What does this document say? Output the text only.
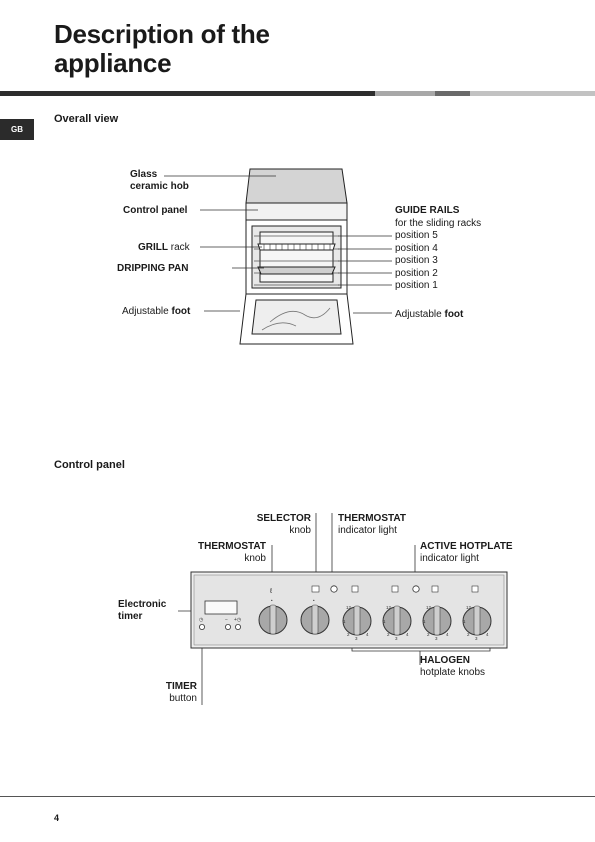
Description of the
appliance
GB
Overall view
Glass
ceramic hob
Control panel
GRILL rack
DRIPPING PAN
Adjustable foot
GUIDE RAILS
for the sliding racks
position 5
position 4
position 3
position 2
position 1
Adjustable foot
Control panel
◷	− +◷
ℓ
•	•
12
1
2
3
4
12
1
2
3
4
12
1
2
3
4
12
1
2
3
4
SELECTOR
knob
THERMOSTAT
indicator light
THERMOSTAT
knob
ACTIVE HOTPLATE
indicator light
Electronic
timer
HALOGEN
hotplate knobs
TIMER
button
4
